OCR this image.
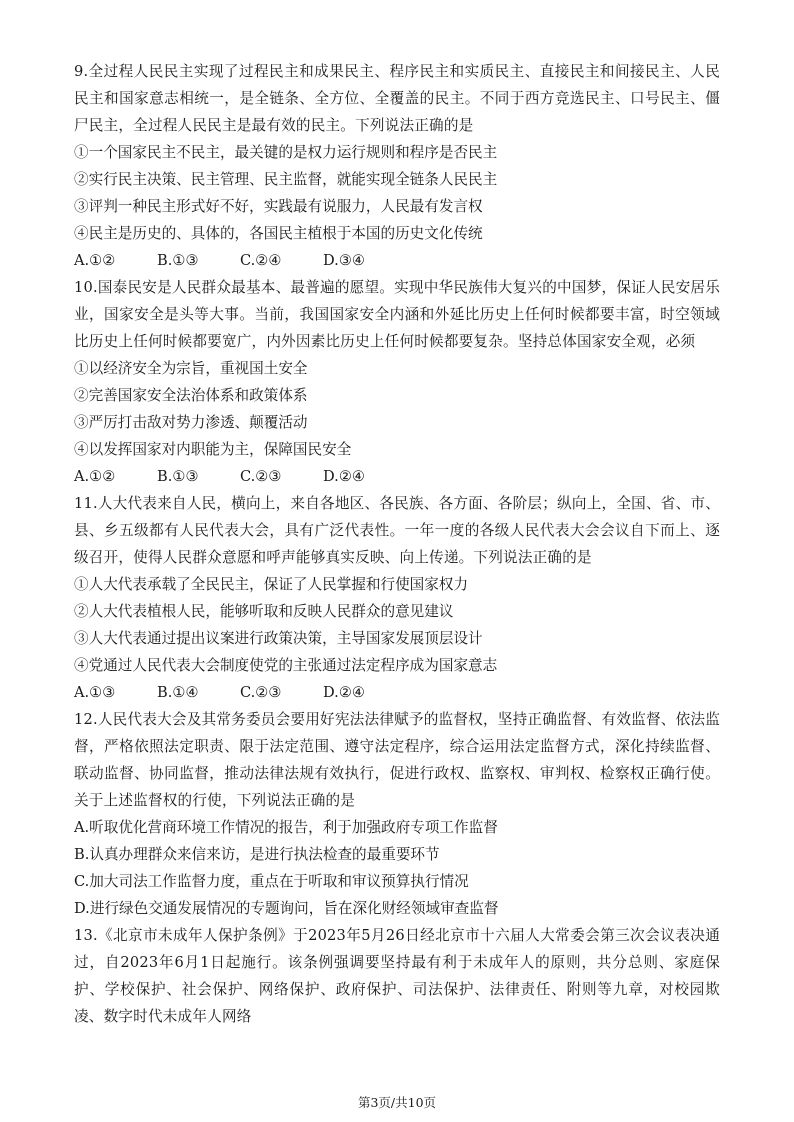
9.全过程人民民主实现了过程民主和成果民主、程序民主和实质民主、直接民主和间接民主、人民民主和国家意志相统一，是全链条、全方位、全覆盖的民主。不同于西方竞选民主、口号民主、僵尸民主，全过程人民民主是最有效的民主。下列说法正确的是

①一个国家民主不民主，最关键的是权力运行规则和程序是否民主

②实行民主决策、民主管理、民主监督，就能实现全链条人民民主

③评判一种民主形式好不好，实践最有说服力，人民最有发言权

④民主是历史的、具体的，各国民主植根于本国的历史文化传统

A.①②	B.①③	C.②④	D.③④

10.国泰民安是人民群众最基本、最普遍的愿望。实现中华民族伟大复兴的中国梦，保证人民安居乐业，国家安全是头等大事。当前，我国国家安全内涵和外延比历史上任何时候都要丰富，时空领域比历史上任何时候都要宽广，内外因素比历史上任何时候都要复杂。坚持总体国家安全观，必须

①以经济安全为宗旨，重视国土安全

②完善国家安全法治体系和政策体系

③严厉打击敌对势力渗透、颠覆活动

④以发挥国家对内职能为主，保障国民安全

A.①②	B.①③	C.②③	D.②④

11.人大代表来自人民，横向上，来自各地区、各民族、各方面、各阶层；纵向上，全国、省、市、县、乡五级都有人民代表大会，具有广泛代表性。一年一度的各级人民代表大会会议自下而上、逐级召开，使得人民群众意愿和呼声能够真实反映、向上传递。下列说法正确的是

①人大代表承载了全民民主，保证了人民掌握和行使国家权力

②人大代表植根人民，能够听取和反映人民群众的意见建议

③人大代表通过提出议案进行政策决策，主导国家发展顶层设计

④党通过人民代表大会制度使党的主张通过法定程序成为国家意志

A.①③	B.①④	C.②③	D.②④

12.人民代表大会及其常务委员会要用好宪法法律赋予的监督权，坚持正确监督、有效监督、依法监督，严格依照法定职责、限于法定范围、遵守法定程序，综合运用法定监督方式，深化持续监督、联动监督、协同监督，推动法律法规有效执行，促进行政权、监察权、审判权、检察权正确行使。关于上述监督权的行使，下列说法正确的是

A.听取优化营商环境工作情况的报告，利于加强政府专项工作监督

B.认真办理群众来信来访，是进行执法检查的最重要环节

C.加大司法工作监督力度，重点在于听取和审议预算执行情况

D.进行绿色交通发展情况的专题询问，旨在深化财经领域审查监督

13.《北京市未成年人保护条例》于2023年5月26日经北京市十六届人大常委会第三次会议表决通过，自2023年6月1日起施行。该条例强调要坚持最有利于未成年人的原则，共分总则、家庭保护、学校保护、社会保护、网络保护、政府保护、司法保护、法律责任、附则等九章，对校园欺凌、数字时代未成年人网络

第3页/共10页
